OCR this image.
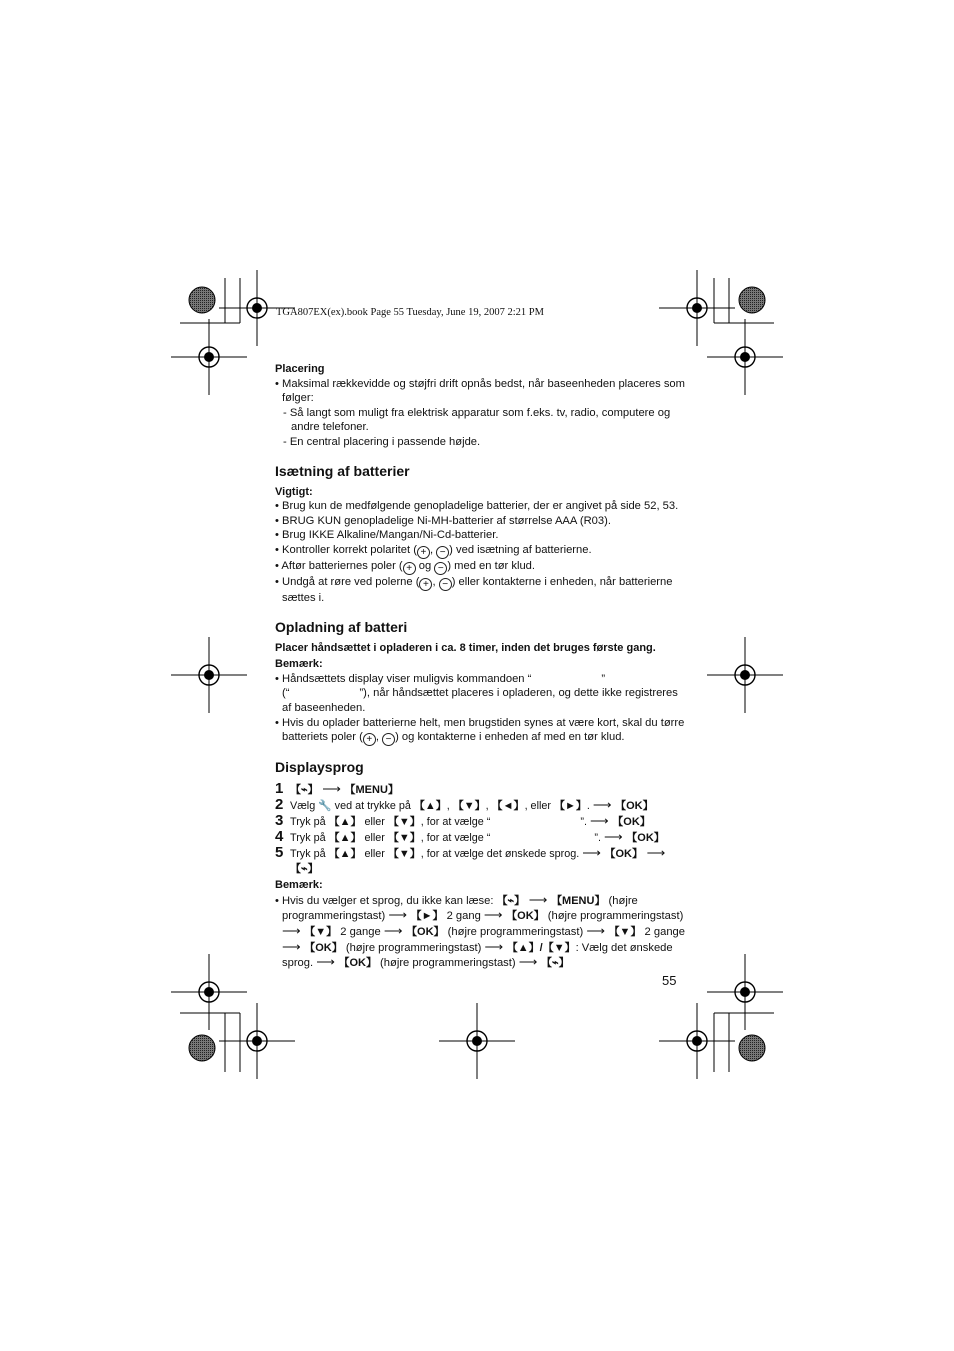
TGA807EX(ex).book Page 55 Tuesday, June 19, 2007 2:21 PM

Placering

• Maksimal rækkevidde og støjfri drift opnås bedst, når baseenheden placeres som følger:

- Så langt som muligt fra elektrisk apparatur som f.eks. tv, radio, computere og andre telefoner.

- En central placering i passende højde.

Isætning af batterier

Vigtigt:

• Brug kun de medfølgende genopladelige batterier, der er angivet på side 52, 53.

• BRUG KUN genopladelige Ni-MH-batterier af størrelse AAA (R03).

• Brug IKKE Alkaline/Mangan/Ni-Cd-batterier.

• Kontroller korrekt polaritet ( + , − ) ved isætning af batterierne.

• Aftør batteriernes poler ( + og − ) med en tør klud.

• Undgå at røre ved polerne ( + , − ) eller kontakterne i enheden, når batterierne sættes i.

Opladning af batteri

Placer håndsættet i opladeren i ca. 8 timer, inden det bruges første gang.

Bemærk:

• Håndsættets display viser muligvis kommandoen “	”
(“	”), når håndsættet placeres i opladeren, og dette ikke registreres af baseenheden.

• Hvis du oplader batterierne helt, men brugstiden synes at være kort, skal du tørre batteriets poler ( + , − ) og kontakterne i enheden af med en tør klud.

Displaysprog

1 【⌁】 ⟶ 【MENU】
2 Vælg 🔧 ved at trykke på 【▲】, 【▼】, 【◄】, eller 【►】. ⟶ 【OK】
3 Tryk på 【▲】 eller 【▼】, for at vælge “	”. ⟶ 【OK】
4 Tryk på 【▲】 eller 【▼】, for at vælge “	”. ⟶ 【OK】
5 Tryk på 【▲】 eller 【▼】, for at vælge det ønskede sprog. ⟶ 【OK】 ⟶ 【⌁】

Bemærk:

• Hvis du vælger et sprog, du ikke kan læse: 【⌁】 ⟶ 【MENU】 (højre programmeringstast) ⟶ 【►】 2 gang ⟶ 【OK】 (højre programmeringstast) ⟶ 【▼】 2 gange ⟶ 【OK】 (højre programmeringstast) ⟶ 【▼】 2 gange ⟶ 【OK】 (højre programmeringstast) ⟶ 【▲】/【▼】: Vælg det ønskede sprog. ⟶ 【OK】 (højre programmeringstast) ⟶ 【⌁】

55
